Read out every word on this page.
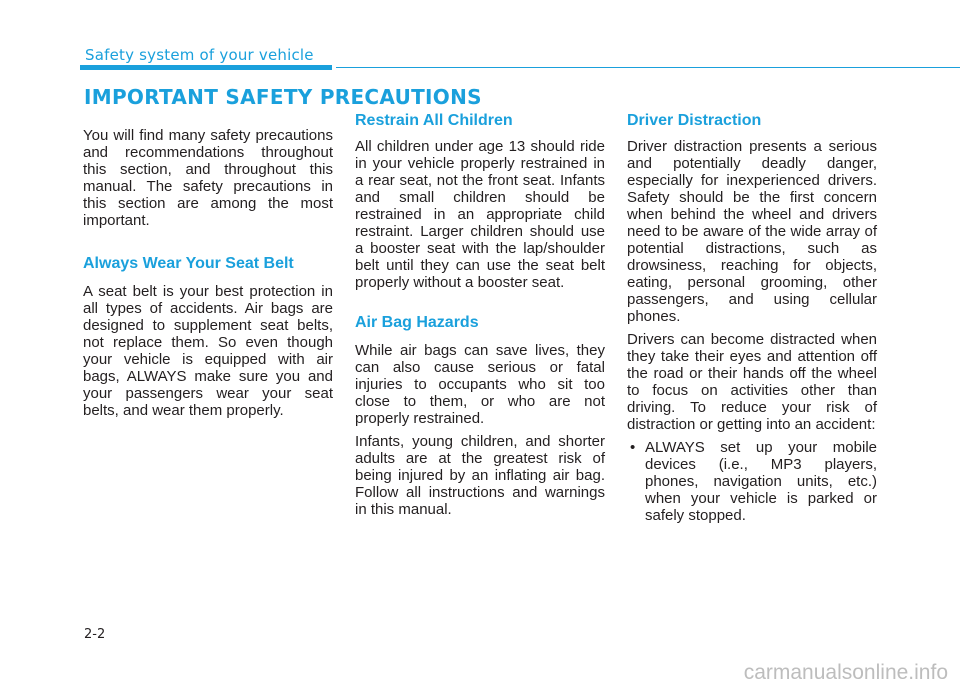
Safety system of your vehicle
IMPORTANT SAFETY PRECAUTIONS

You will find many safety precautions and recommendations throughout this section, and throughout this manual. The safety precautions in this section are among the most important.

Always Wear Your Seat Belt

A seat belt is your best protection in all types of accidents. Air bags are designed to supplement seat belts, not replace them. So even though your vehicle is equipped with air bags, ALWAYS make sure you and your passengers wear your seat belts, and wear them properly.

Restrain All Children

All children under age 13 should ride in your vehicle properly restrained in a rear seat, not the front seat. Infants and small children should be restrained in an appropriate child restraint. Larger children should use a booster seat with the lap/shoulder belt until they can use the seat belt properly without a booster seat.

Air Bag Hazards

While air bags can save lives, they can also cause serious or fatal injuries to occupants who sit too close to them, or who are not properly restrained.

Infants, young children, and shorter adults are at the greatest risk of being injured by an inflating air bag. Follow all instructions and warnings in this manual.

Driver Distraction

Driver distraction presents a serious and potentially deadly danger, especially for inexperienced drivers. Safety should be the first concern when behind the wheel and drivers need to be aware of the wide array of potential distractions, such as drowsiness, reaching for objects, eating, personal grooming, other passengers, and using cellular phones.

Drivers can become distracted when they take their eyes and attention off the road or their hands off the wheel to focus on activities other than driving. To reduce your risk of distraction or getting into an accident:

• ALWAYS set up your mobile devices (i.e., MP3 players, phones, navigation units, etc.) when your vehicle is parked or safely stopped.
2-2
carmanualsonline.info
